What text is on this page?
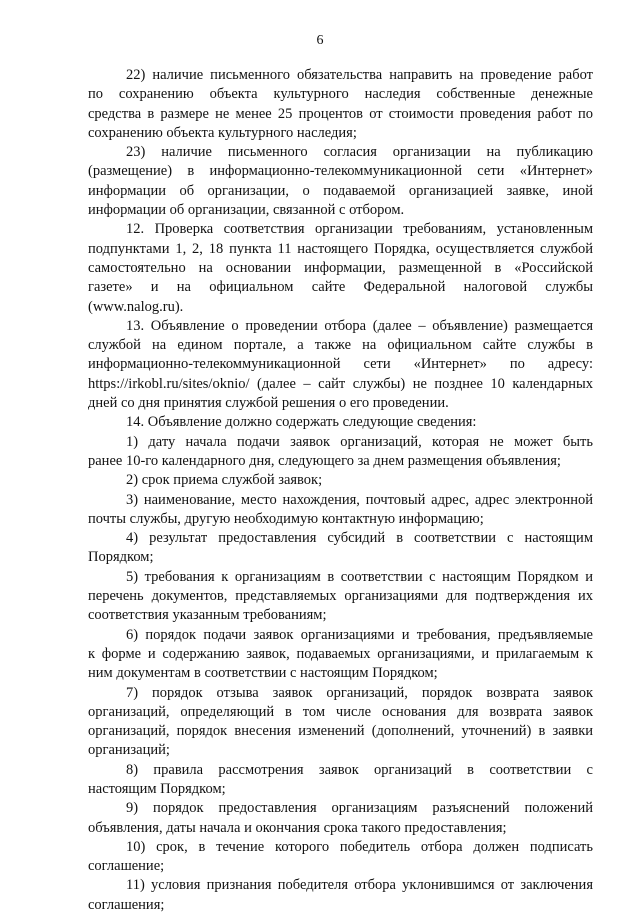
6
22) наличие письменного обязательства направить на проведение работ
по сохранению объекта культурного наследия собственные денежные
средства в размере не менее 25 процентов от стоимости проведения работ по
сохранению объекта культурного наследия;
23) наличие письменного согласия организации на публикацию
(размещение) в информационно-телекоммуникационной сети «Интернет»
информации об организации, о подаваемой организацией заявке, иной
информации об организации, связанной с отбором.
12. Проверка соответствия организации требованиям, установленным
подпунктами 1, 2, 18 пункта 11 настоящего Порядка, осуществляется службой
самостоятельно на основании информации, размещенной в «Российской
газете» и на официальном сайте Федеральной налоговой службы
(www.nalog.ru).
13. Объявление о проведении отбора (далее – объявление) размещается
службой на едином портале, а также на официальном сайте службы в
информационно-телекоммуникационной сети «Интернет» по адресу:
https://irkobl.ru/sites/oknio/ (далее – сайт службы) не позднее 10 календарных
дней со дня принятия службой решения о его проведении.
14. Объявление должно содержать следующие сведения:
1) дату начала подачи заявок организаций, которая не может быть
ранее 10-го календарного дня, следующего за днем размещения объявления;
2) срок приема службой заявок;
3) наименование, место нахождения, почтовый адрес, адрес электронной
почты службы, другую необходимую контактную информацию;
4) результат предоставления субсидий в соответствии с настоящим
Порядком;
5) требования к организациям в соответствии с настоящим Порядком и
перечень документов, представляемых организациями для подтверждения их
соответствия указанным требованиям;
6) порядок подачи заявок организациями и требования, предъявляемые
к форме и содержанию заявок, подаваемых организациями, и прилагаемым к
ним документам в соответствии с настоящим Порядком;
7) порядок отзыва заявок организаций, порядок возврата заявок
организаций, определяющий в том числе основания для возврата заявок
организаций, порядок внесения изменений (дополнений, уточнений) в заявки
организаций;
8) правила рассмотрения заявок организаций в соответствии с
настоящим Порядком;
9) порядок предоставления организациям разъяснений положений
объявления, даты начала и окончания срока такого предоставления;
10) срок, в течение которого победитель отбора должен подписать
соглашение;
11) условия признания победителя отбора уклонившимся от заключения
соглашения;
